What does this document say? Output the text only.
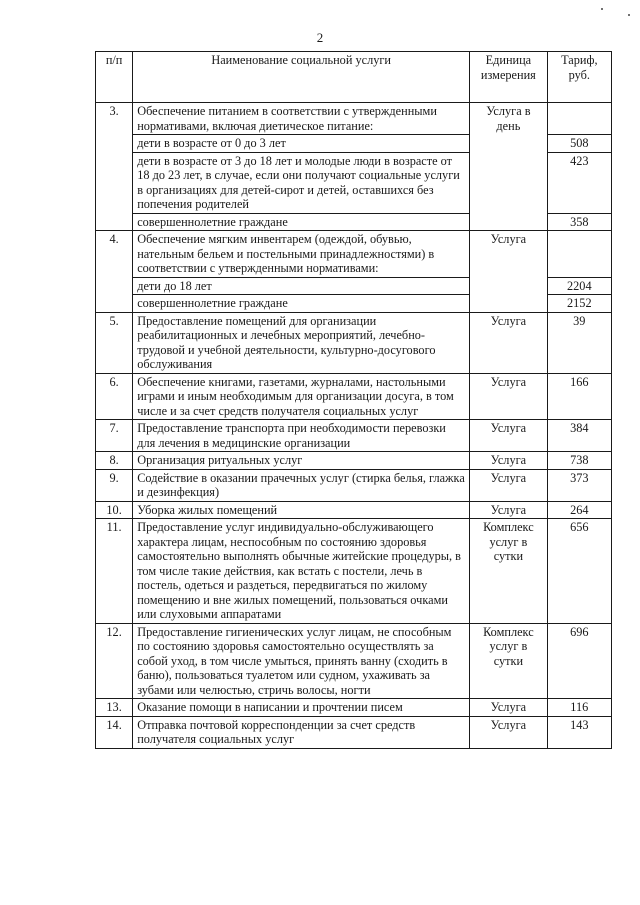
2
п/п	Наименование социальной услуги	Единица измерения	Тариф, руб.
3.	Обеспечение питанием в соответствии с утвержденными нормативами, включая диетическое питание:	Услуга в день	
	дети в возрасте от 0 до 3 лет		508
	дети в возрасте от 3 до 18 лет и молодые люди в возрасте от 18 до 23 лет, в случае, если они получают социальные услуги в организациях для детей-сирот и детей, оставшихся без попечения родителей		423
	совершеннолетние граждане		358
4.	Обеспечение мягким инвентарем (одеждой, обувью, нательным бельем и постельными принадлежностями) в соответствии с утвержденными нормативами:	Услуга	
	дети до 18 лет		2204
	совершеннолетние граждане		2152
5.	Предоставление помещений для организации реабилитационных и лечебных мероприятий, лечебно-трудовой и учебной деятельности, культурно-досугового обслуживания	Услуга	39
6.	Обеспечение книгами, газетами, журналами, настольными играми и иным необходимым для организации досуга, в том числе и за счет средств получателя социальных услуг	Услуга	166
7.	Предоставление транспорта при необходимости перевозки для лечения в медицинские организации	Услуга	384
8.	Организация ритуальных услуг	Услуга	738
9.	Содействие в оказании прачечных услуг (стирка белья, глажка и дезинфекция)	Услуга	373
10.	Уборка жилых помещений	Услуга	264
11.	Предоставление услуг индивидуально-обслуживающего характера лицам, неспособным по состоянию здоровья самостоятельно выполнять обычные житейские процедуры, в том числе такие действия, как встать с постели, лечь в постель, одеться и раздеться, передвигаться по жилому помещению и вне жилых помещений, пользоваться очками или слуховыми аппаратами	Комплекс услуг в сутки	656
12.	Предоставление гигиенических услуг лицам, не способным по состоянию здоровья самостоятельно осуществлять за собой уход, в том числе умыться, принять ванну (сходить в баню), пользоваться туалетом или судном, ухаживать за зубами или челюстью, стричь волосы, ногти	Комплекс услуг в сутки	696
13.	Оказание помощи в написании и прочтении писем	Услуга	116
14.	Отправка почтовой корреспонденции за счет средств получателя социальных услуг	Услуга	143
